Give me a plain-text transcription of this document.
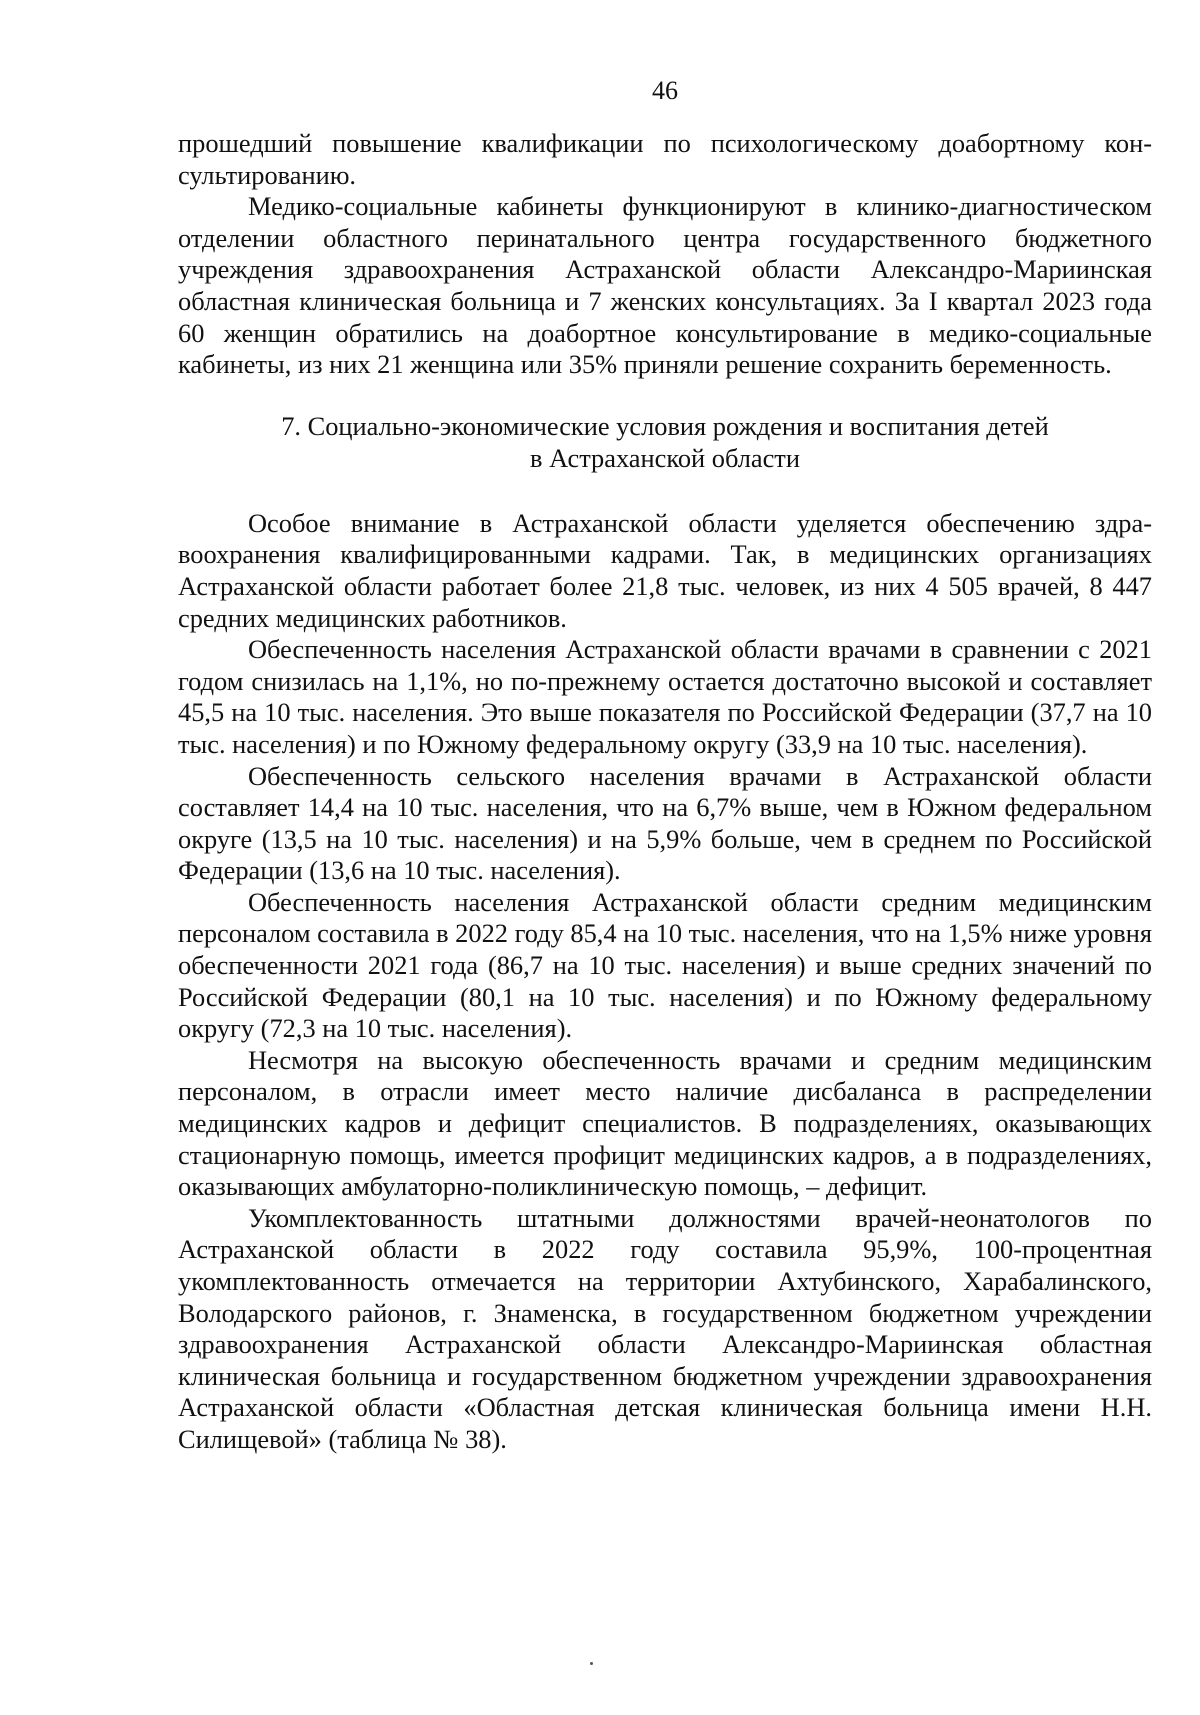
46

прошедший повышение квалификации по психологическому доабортному консультированию.

Медико-социальные кабинеты функционируют в клинико-диагностическом отделении областного перинатального центра государственного бюджетного учреждения здравоохранения Астраханской области Александро-Мариинская областная клиническая больница и 7 женских консультациях. За I квартал 2023 года 60 женщин обратились на доабортное консультирование в медико-социальные кабинеты, из них 21 женщина или 35% приняли решение сохранить беременность.

7. Социально-экономические условия рождения и воспитания детей
в Астраханской области

Особое внимание в Астраханской области уделяется обеспечению здравоохранения квалифицированными кадрами. Так, в медицинских организациях Астраханской области работает более 21,8 тыс. человек, из них 4 505 врачей, 8 447 средних медицинских работников.

Обеспеченность населения Астраханской области врачами в сравнении с 2021 годом снизилась на 1,1%, но по-прежнему остается достаточно высокой и составляет 45,5 на 10 тыс. населения. Это выше показателя по Российской Федерации (37,7 на 10 тыс. населения) и по Южному федеральному округу (33,9 на 10 тыс. населения).

Обеспеченность сельского населения врачами в Астраханской области составляет 14,4 на 10 тыс. населения, что на 6,7% выше, чем в Южном федеральном округе (13,5 на 10 тыс. населения) и на 5,9% больше, чем в среднем по Российской Федерации (13,6 на 10 тыс. населения).

Обеспеченность населения Астраханской области средним медицинским персоналом составила в 2022 году 85,4 на 10 тыс. населения, что на 1,5% ниже уровня обеспеченности 2021 года (86,7 на 10 тыс. населения) и выше средних значений по Российской Федерации (80,1 на 10 тыс. населения) и по Южному федеральному округу (72,3 на 10 тыс. населения).

Несмотря на высокую обеспеченность врачами и средним медицинским персоналом, в отрасли имеет место наличие дисбаланса в распределении медицинских кадров и дефицит специалистов. В подразделениях, оказывающих стационарную помощь, имеется профицит медицинских кадров, а в подразделениях, оказывающих амбулаторно-поликлиническую помощь, – дефицит.

Укомплектованность штатными должностями врачей-неонатологов по Астраханской области в 2022 году составила 95,9%, 100-процентная укомплектованность отмечается на территории Ахтубинского, Харабалинского, Володарского районов, г. Знаменска, в государственном бюджетном учреждении здравоохранения Астраханской области Александро-Мариинская областная клиническая больница и государственном бюджетном учреждении здравоохранения Астраханской области «Областная детская клиническая больница имени Н.Н. Силищевой» (таблица № 38).
